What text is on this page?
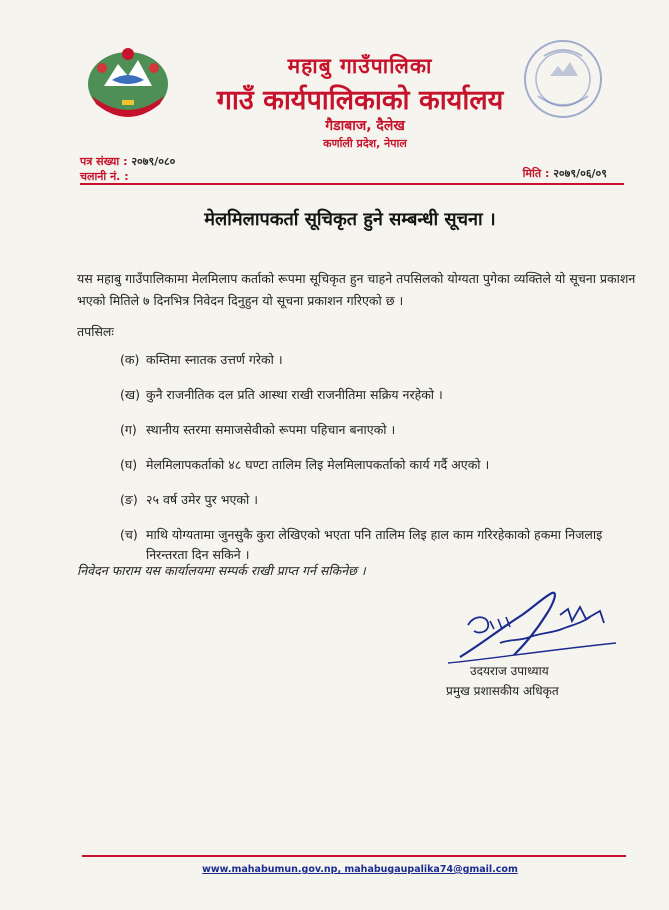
महाबु गाउँपालिका
गाउँ कार्यपालिकाको कार्यालय
गैडाबाज, दैलेख
कर्णाली प्रदेश, नेपाल
पत्र संख्या : २०७९/०८०
चलानी नं. :	मिति : २०७९/०६/०९
मेलमिलापकर्ता सूचिकृत हुने सम्बन्धी सूचना ।
यस महाबु गाउँपालिकामा मेलमिलाप कर्ताको रूपमा सूचिकृत हुन चाहने तपसिलको योग्यता पुगेका व्यक्तिले यो सूचना प्रकाशन भएको मितिले ७ दिनभित्र निवेदन दिनुहुन यो सूचना प्रकाशन गरिएको छ ।
तपसिलः
(क) कम्तिमा स्नातक उत्तर्ण गरेको ।
(ख) कुनै राजनीतिक दल प्रति आस्था राखी राजनीतिमा सक्रिय नरहेको ।
(ग) स्थानीय स्तरमा समाजसेवीको रूपमा पहिचान बनाएको ।
(घ) मेलमिलापकर्ताको ४८ घण्टा तालिम लिइ मेलमिलापकर्ताको कार्य गर्दै अएको ।
(ङ) २५ वर्ष उमेर पुर भएको ।
(च) माथि योग्यतामा जुनसुकै कुरा लेखिएको भएता पनि तालिम लिइ हाल काम गरिरहेकाको हकमा निजलाइ निरन्तरता दिन सकिने ।
निवेदन फाराम यस कार्यालयमा सम्पर्क राखी प्राप्त गर्न सकिनेछ ।
उदयराज उपाध्याय
प्रमुख प्रशासकीय अधिकृत
www.mahabumun.gov.np, mahabugaupalika74@gmail.com
